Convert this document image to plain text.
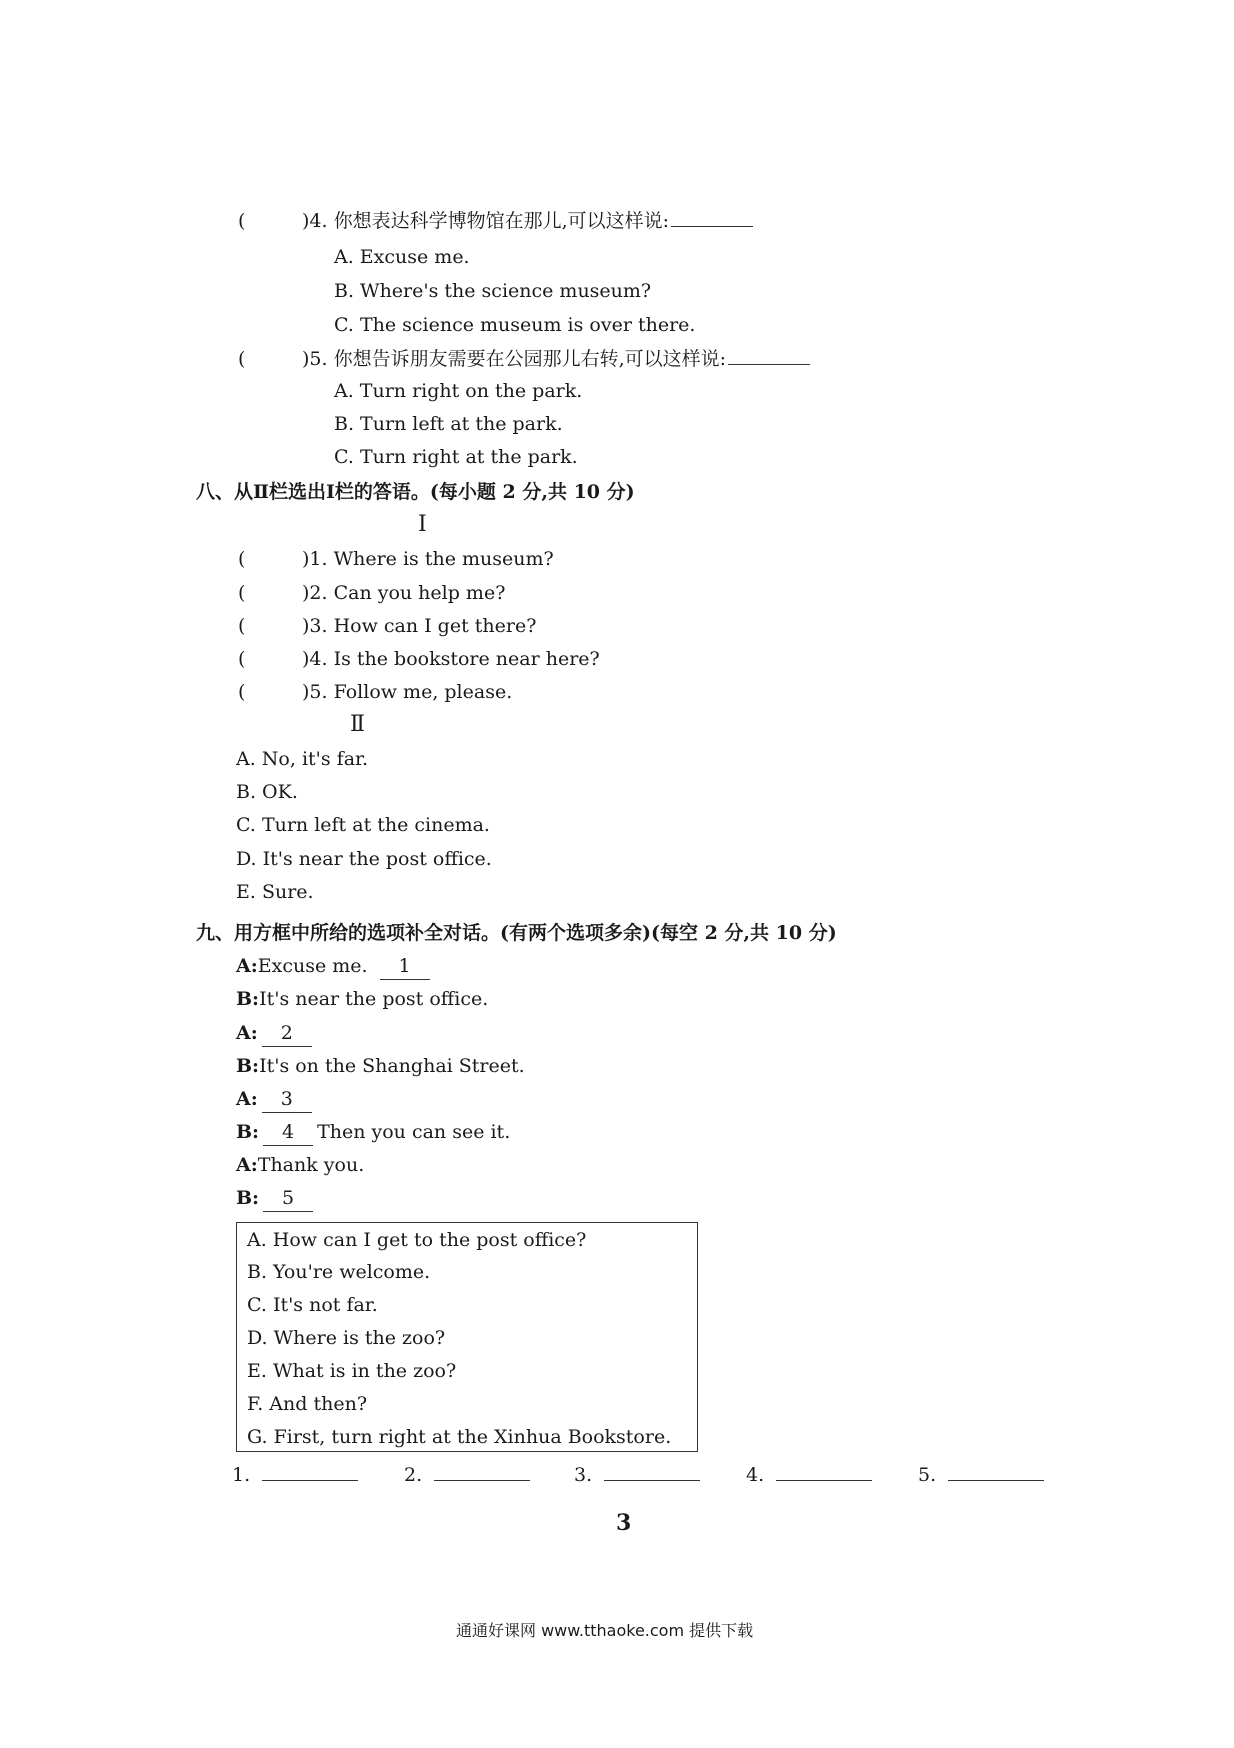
(	)4. 你想表达科学博物馆在那儿,可以这样说:
A. Excuse me.
B. Where's the science museum?
C. The science museum is over there.
(	)5. 你想告诉朋友需要在公园那儿右转,可以这样说:
A. Turn right on the park.
B. Turn left at the park.
C. Turn right at the park.
八、从Ⅱ栏选出Ⅰ栏的答语。(每小题 2 分,共 10 分)
Ⅰ
(	)1. Where is the museum?
(	)2. Can you help me?
(	)3. How can I get there?
(	)4. Is the bookstore near here?
(	)5. Follow me, please.
Ⅱ
A. No, it's far.
B. OK.
C. Turn left at the cinema.
D. It's near the post office.
E. Sure.
九、用方框中所给的选项补全对话。(有两个选项多余)(每空 2 分,共 10 分)
A:Excuse me. 1
B:It's near the post office.
A: 2
B:It's on the Shanghai Street.
A: 3
B: 4 Then you can see it.
A:Thank you.
B: 5
A. How can I get to the post office?
B. You're welcome.
C. It's not far.
D. Where is the zoo?
E. What is in the zoo?
F. And then?
G. First, turn right at the Xinhua Bookstore.
1.	2.	3.	4.	5.
3
通通好课网 www.tthaoke.com 提供下载
